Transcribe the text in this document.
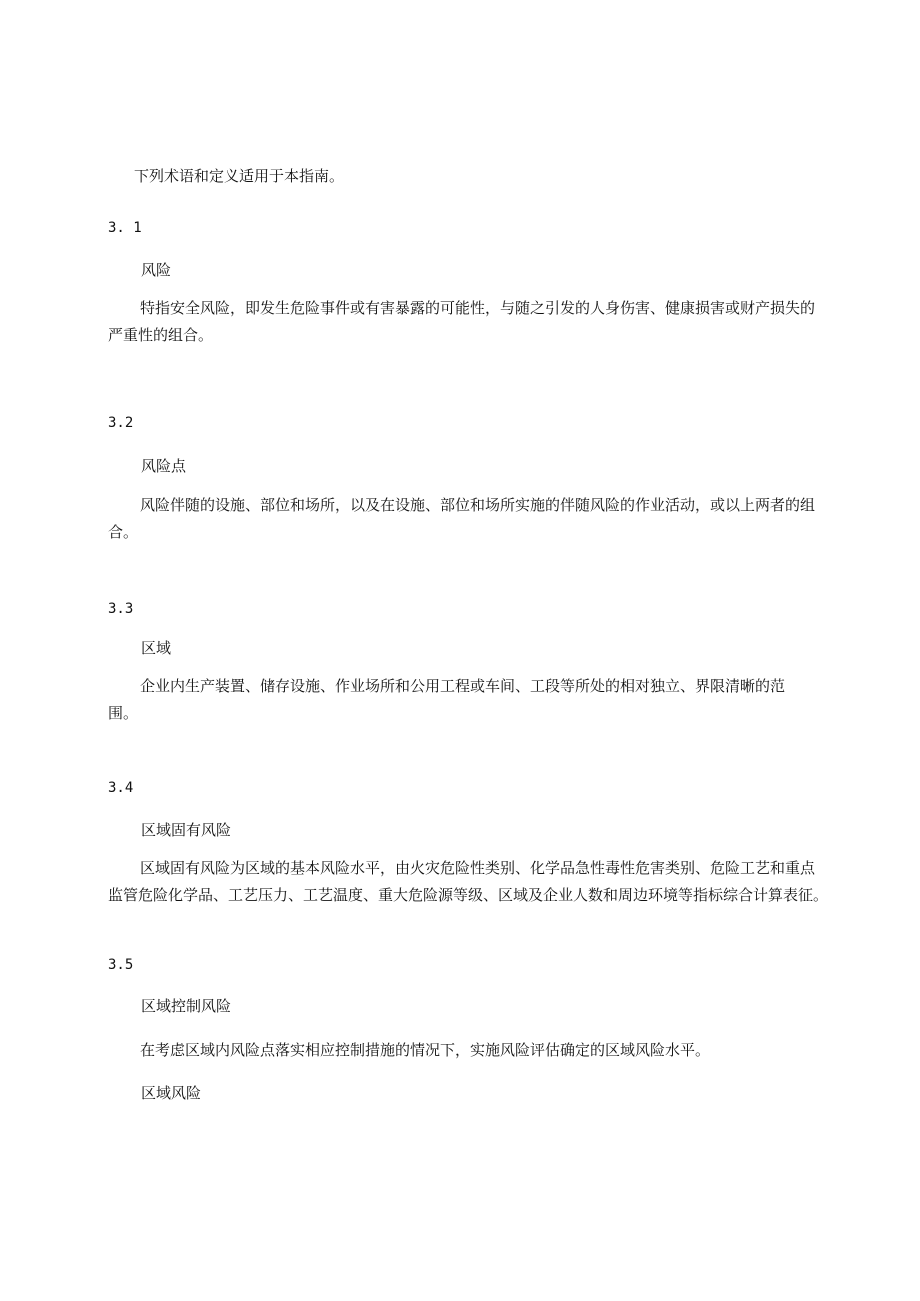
下列术语和定义适用于本指南。
3. 1
风险
特指安全风险，即发生危险事件或有害暴露的可能性，与随之引发的人身伤害、健康损害或财产损失的
严重性的组合。
3.2
风险点
风险伴随的设施、部位和场所，以及在设施、部位和场所实施的伴随风险的作业活动，或以上两者的组
合。
3.3
区域
企业内生产装置、储存设施、作业场所和公用工程或车间、工段等所处的相对独立、界限清晰的范
围。
3.4
区域固有风险
区域固有风险为区域的基本风险水平，由火灾危险性类别、化学品急性毒性危害类别、危险工艺和重点
监管危险化学品、工艺压力、工艺温度、重大危险源等级、区域及企业人数和周边环境等指标综合计算表征。
3.5
区域控制风险
在考虑区域内风险点落实相应控制措施的情况下，实施风险评估确定的区域风险水平。
区域风险
